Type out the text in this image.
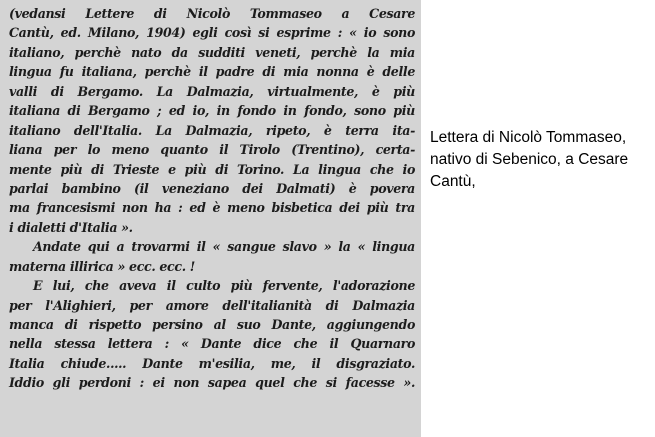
(vedansi Lettere di Nicolò Tommaseo a Cesare
Cantù, ed. Milano, 1904) egli così si esprime : « io sono
italiano, perchè nato da sudditi veneti, perchè la mia
lingua fu italiana, perchè il padre di mia nonna è delle
valli di Bergamo. La Dalmazia, virtualmente, è più
italiana di Bergamo ; ed io, in fondo in fondo, sono più
italiano dell'Italia. La Dalmazia, ripeto, è terra ita-
liana per lo meno quanto il Tirolo (Trentino), certa-
mente più di Trieste e più di Torino. La lingua che io
parlai bambino (il veneziano dei Dalmati) è povera
ma francesismi non ha : ed è meno bisbetica dei più tra
i dialetti d'Italia ».
Andate qui a trovarmi il « sangue slavo » la « lingua
materna illirica » ecc. ecc. !
E lui, che aveva il culto più fervente, l'adorazione
per l'Alighieri, per amore dell'italianità di Dalmazia
manca di rispetto persino al suo Dante, aggiungendo
nella stessa lettera : « Dante dice che il Quarnaro
Italia chiude..... Dante m'esilia, me, il disgraziato.
Iddio gli perdoni : ei non sapea quel che si facesse ».
Lettera di Nicolò Tommaseo,
nativo di Sebenico, a Cesare
Cantù,
